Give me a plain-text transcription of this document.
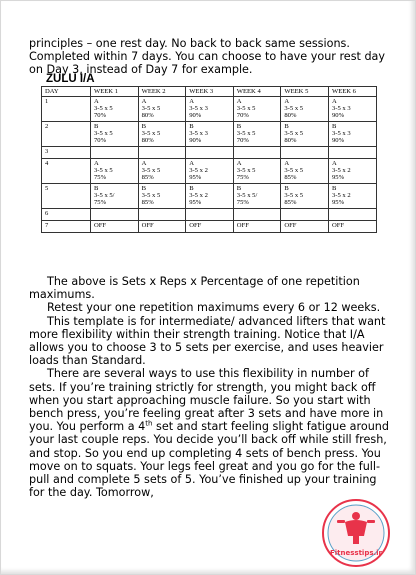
principles – one rest day. No back to back same sessions. Completed within 7 days. You can choose to have your rest day on Day 3, instead of Day 7 for example.

ZULU I/A
DAY	WEEK 1	WEEK 2	WEEK 3	WEEK 4	WEEK 5	WEEK 6
1	A
3-5 x 5
70%	A
3-5 x 5
80%	A
3-5 x 3
90%	A
3-5 x 5
70%	A
3-5 x 5
80%	A
3-5 x 3
90%

2	B
3-5 x 5
70%	B
3-5 x 5
80%	B
3-5 x 3
90%	B
3-5 x 5
70%	B
3-5 x 5
80%	B
3-5 x 3
90%

3						
4	A
3-5 x 5
75%	A
3-5 x 5
85%	A
3-5 x 2
95%	A
3-5 x 5
75%	A
3-5 x 5
85%	A
3-5 x 2
95%

5	B
3-5 x 5/
75%	B
3-5 x 5
85%	B
3-5 x 2
95%	B
3-5 x 5/
75%	B
3-5 x 5
85%	B
3-5 x 2
95%

6						
7	OFF	OFF	OFF	OFF	OFF	OFF
The above is Sets x Reps x Percentage of one repetition maximums.
Retest your one repetition maximums every 6 or 12 weeks.
This template is for intermediate/ advanced lifters that want more flexibility within their strength training. Notice that I/A allows you to choose 3 to 5 sets per exercise, and uses heavier loads than Standard.
There are several ways to use this flexibility in number of sets. If you’re training strictly for strength, you might back off when you start approaching muscle failure. So you start with bench press, you’re feeling great after 3 sets and have more in you. You perform a 4th set and start feeling slight fatigue around your last couple reps. You decide you’ll back off while still fresh, and stop. So you end up completing 4 sets of bench press. You move on to squats. Your legs feel great and you go for the full-pull and complete 5 sets of 5. You’ve finished up your training for the day. Tomorrow,
Fitnesstips.ir
